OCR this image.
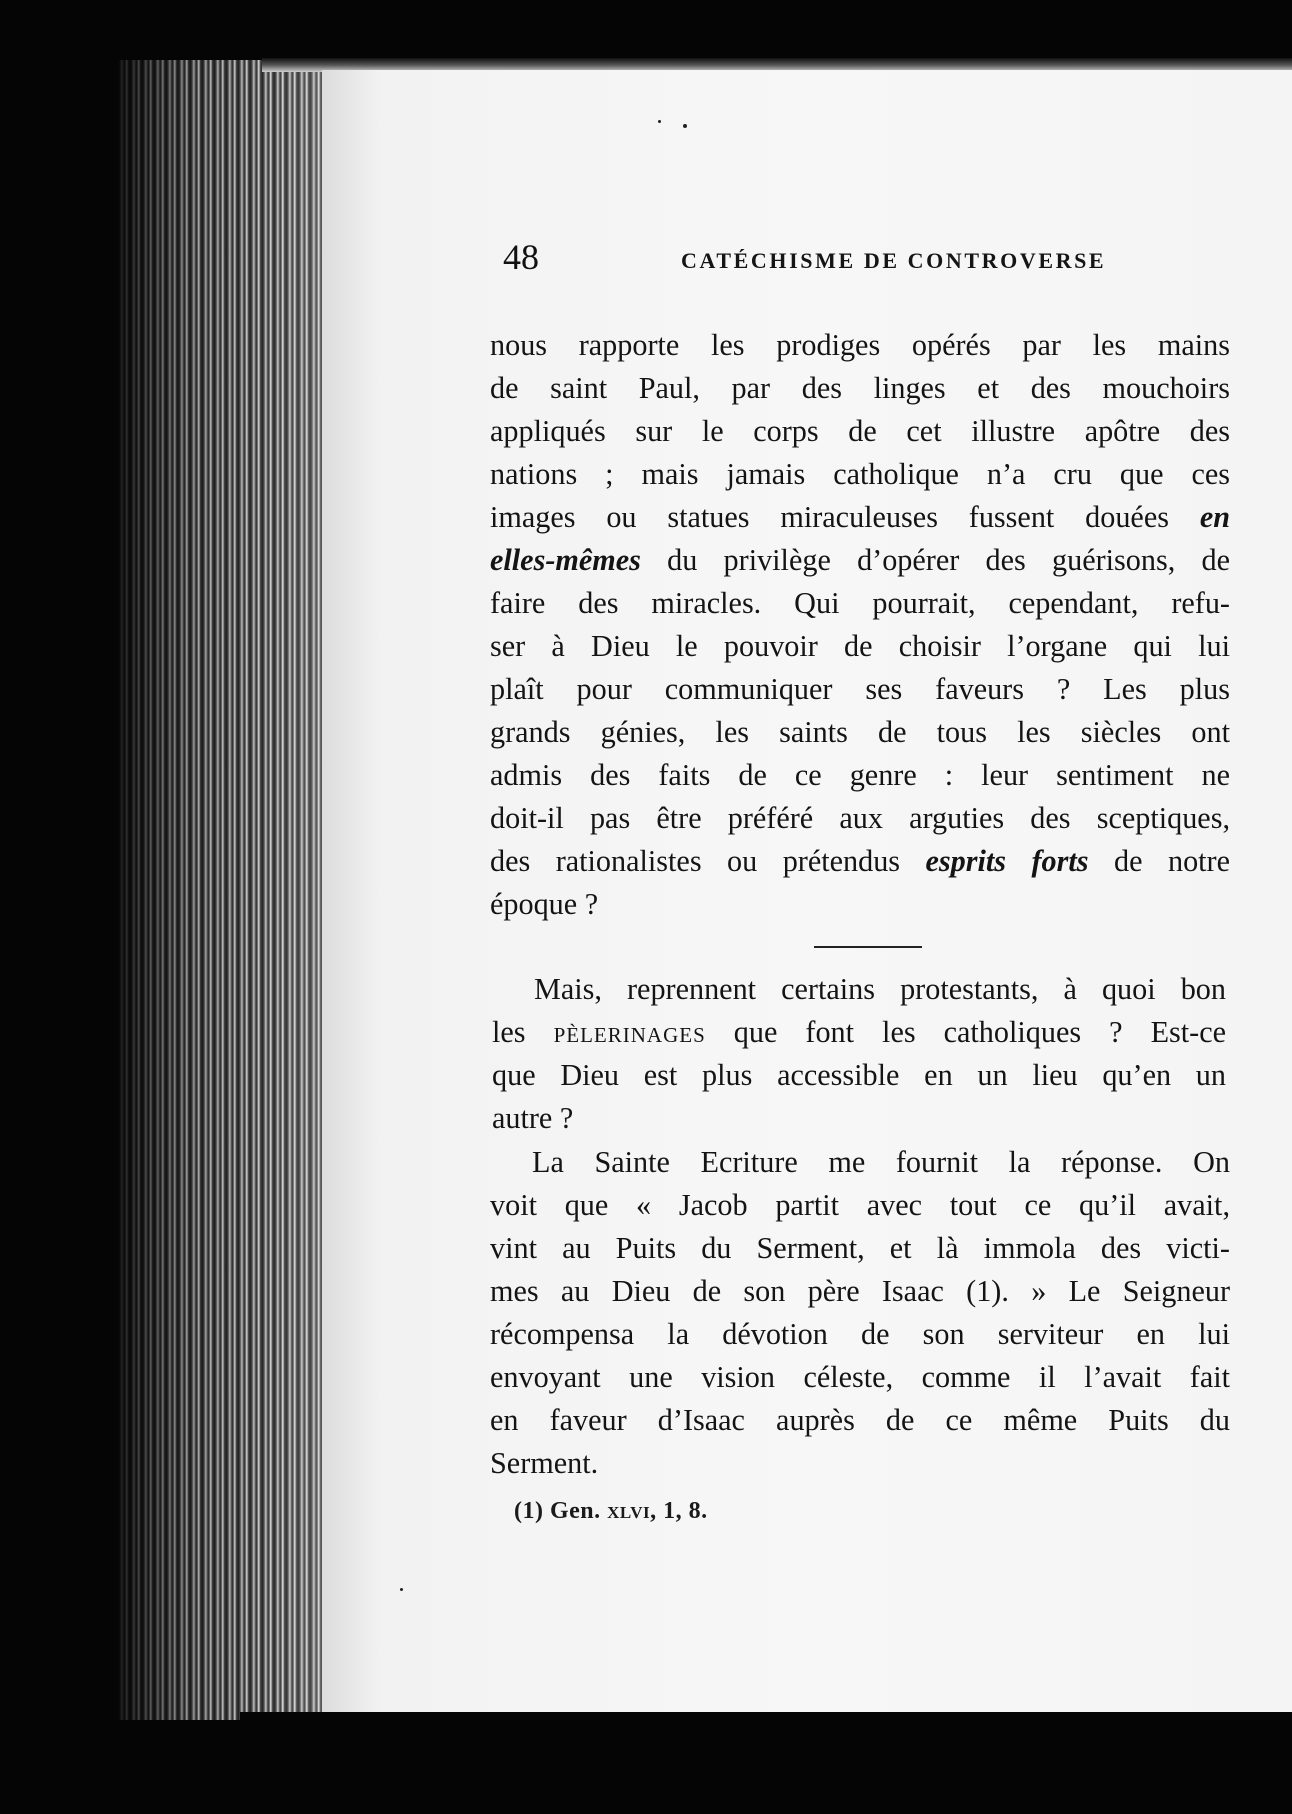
48	CATÉCHISME DE CONTROVERSE
nous rapporte les prodiges opérés par les mains
de saint Paul, par des linges et des mouchoirs
appliqués sur le corps de cet illustre apôtre des
nations ; mais jamais catholique n’a cru que ces
images ou statues miraculeuses fussent douées en
elles-mêmes du privilège d’opérer des guérisons, de
faire des miracles. Qui pourrait, cependant, refu-
ser à Dieu le pouvoir de choisir l’organe qui lui
plaît pour communiquer ses faveurs ? Les plus
grands génies, les saints de tous les siècles ont
admis des faits de ce genre : leur sentiment ne
doit-il pas être préféré aux arguties des sceptiques,
des rationalistes ou prétendus esprits forts de notre
époque ?
Mais, reprennent certains protestants, à quoi bon
les pèlerinages que font les catholiques ? Est-ce
que Dieu est plus accessible en un lieu qu’en un
autre ?
La Sainte Ecriture me fournit la réponse. On
voit que « Jacob partit avec tout ce qu’il avait,
vint au Puits du Serment, et là immola des victi-
mes au Dieu de son père Isaac (1). » Le Seigneur
récompensa la dévotion de son serviteur en lui
envoyant une vision céleste, comme il l’avait fait
en faveur d’Isaac auprès de ce même Puits du
Serment.
(1) Gen. xlvi, 1, 8.
